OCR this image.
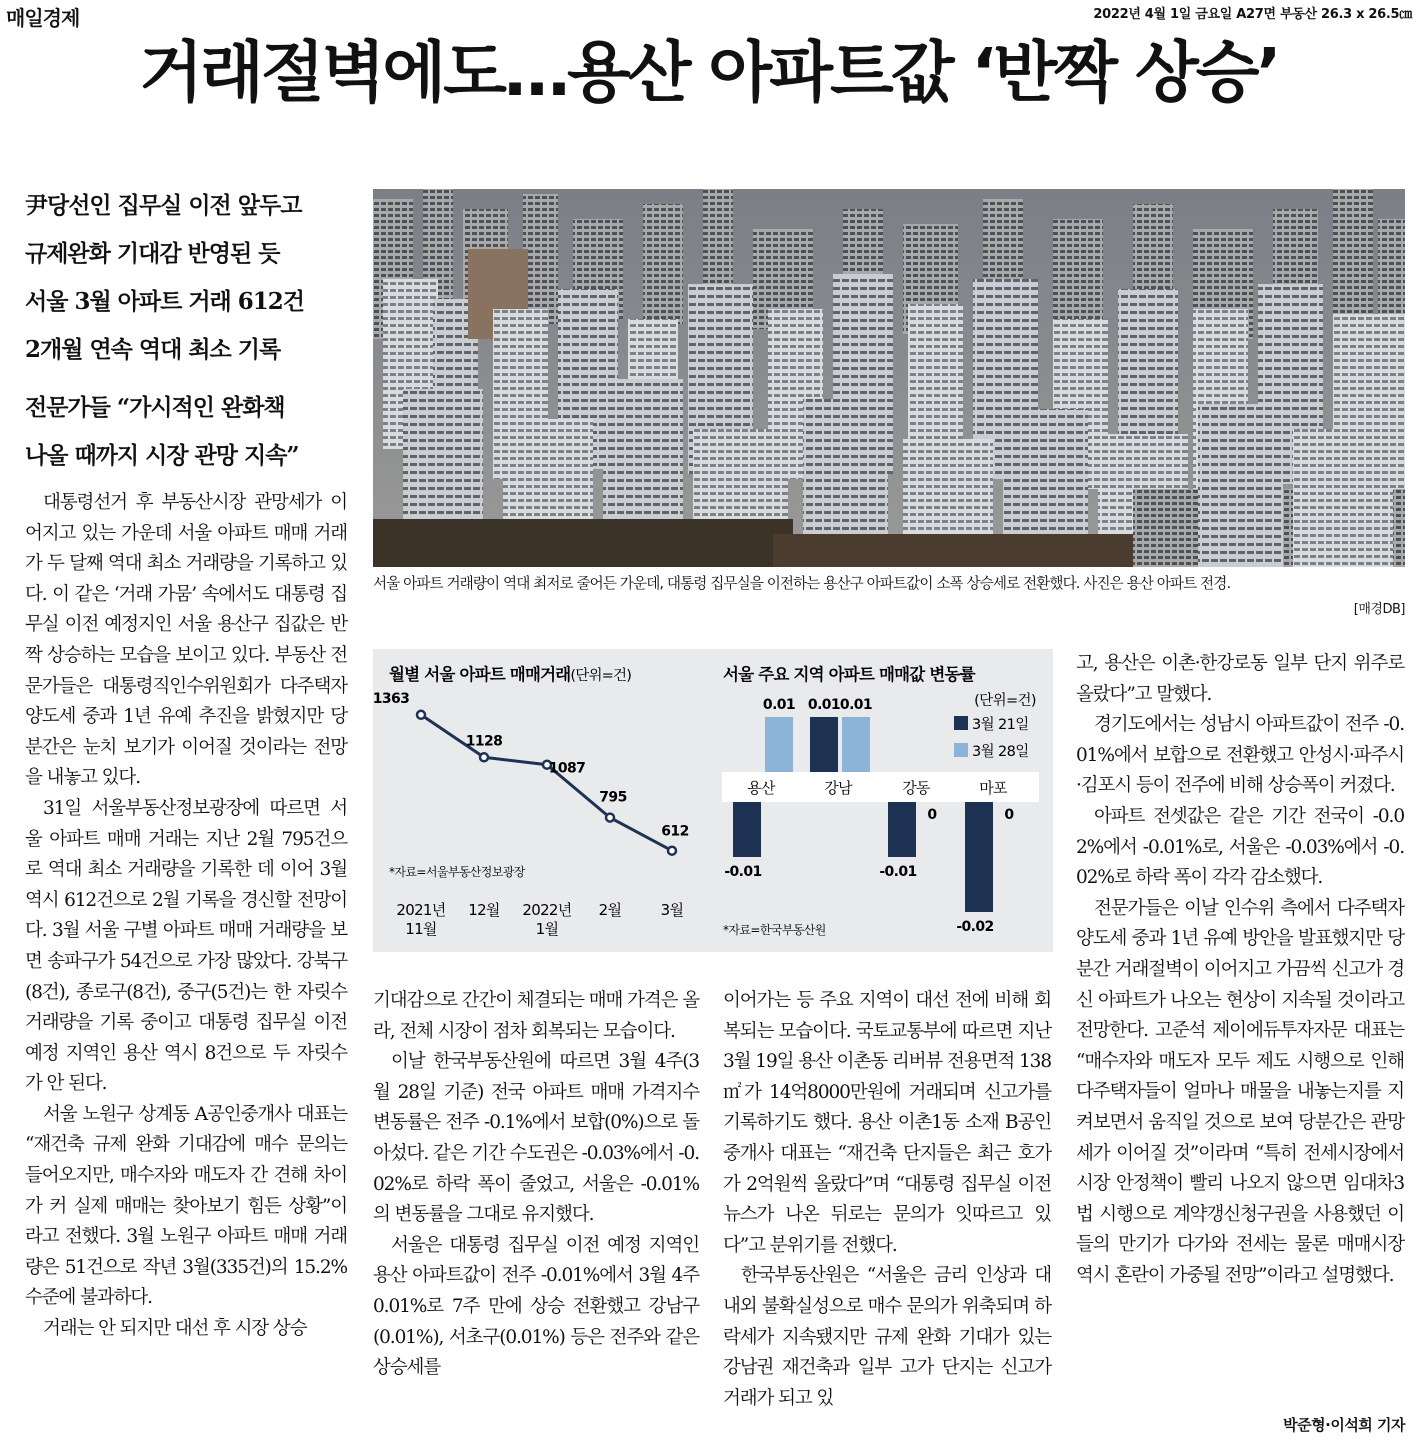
매일경제	2022년 4월 1일 금요일 A27면 부동산 26.3 x 26.5㎝
거래절벽에도…용산 아파트값 ‘반짝 상승’
尹당선인 집무실 이전 앞두고
규제완화 기대감 반영된 듯
서울 3월 아파트 거래 612건
2개월 연속 역대 최소 기록
전문가들 “가시적인 완화책
나올 때까지 시장 관망 지속”
서울 아파트 거래량이 역대 최저로 줄어든 가운데, 대통령 집무실을 이전하는 용산구 아파트값이 소폭 상승세로 전환했다. 사진은 용산 아파트 전경.
[매경DB]
월별 서울 아파트 매매거래(단위=건)
1363
2021년
11월
1128
12월
1087
2022년
1월
795
2월
612
3월
*자료=서울부동산정보광장
서울 주요 지역 아파트 매매값 변동률
(단위=건)
3월 21일
3월 28일
용산
-0.01
0.01
강남
0.01 0.01
강동
-0.01
0
마포
-0.02
0
*자료=한국부동산원

대통령선거 후 부동산시장 관망세가 이어지고 있는 가운데 서울 아파트 매매 거래가 두 달째 역대 최소 거래량을 기록하고 있다. 이 같은 ‘거래 가뭄’ 속에서도 대통령 집무실 이전 예정지인 서울 용산구 집값은 반짝 상승하는 모습을 보이고 있다. 부동산 전문가들은 대통령직인수위원회가 다주택자 양도세 중과 1년 유예 추진을 밝혔지만 당분간은 눈치 보기가 이어질 것이라는 전망을 내놓고 있다.

31일 서울부동산정보광장에 따르면 서울 아파트 매매 거래는 지난 2월 795건으로 역대 최소 거래량을 기록한 데 이어 3월 역시 612건으로 2월 기록을 경신할 전망이다. 3월 서울 구별 아파트 매매 거래량을 보면 송파구가 54건으로 가장 많았다. 강북구(8건), 종로구(8건), 중구(5건)는 한 자릿수 거래량을 기록 중이고 대통령 집무실 이전 예정 지역인 용산 역시 8건으로 두 자릿수가 안 된다.

서울 노원구 상계동 A공인중개사 대표는 “재건축 규제 완화 기대감에 매수 문의는 들어오지만, 매수자와 매도자 간 견해 차이가 커 실제 매매는 찾아보기 힘든 상황”이라고 전했다. 3월 노원구 아파트 매매 거래량은 51건으로 작년 3월(335건)의 15.2% 수준에 불과하다.

거래는 안 되지만 대선 후 시장 상승

기대감으로 간간이 체결되는 매매 가격은 올라, 전체 시장이 점차 회복되는 모습이다.

이날 한국부동산원에 따르면 3월 4주(3월 28일 기준) 전국 아파트 매매 가격지수 변동률은 전주 -0.1%에서 보합(0%)으로 돌아섰다. 같은 기간 수도권은 -0.03%에서 -0.02%로 하락 폭이 줄었고, 서울은 -0.01%의 변동률을 그대로 유지했다.

서울은 대통령 집무실 이전 예정 지역인 용산 아파트값이 전주 -0.01%에서 3월 4주 0.01%로 7주 만에 상승 전환했고 강남구(0.01%), 서초구(0.01%) 등은 전주와 같은 상승세를

이어가는 등 주요 지역이 대선 전에 비해 회복되는 모습이다. 국토교통부에 따르면 지난 3월 19일 용산 이촌동 리버뷰 전용면적 138㎡가 14억8000만원에 거래되며 신고가를 기록하기도 했다. 용산 이촌1동 소재 B공인중개사 대표는 “재건축 단지들은 최근 호가가 2억원씩 올랐다”며 “대통령 집무실 이전 뉴스가 나온 뒤로는 문의가 잇따르고 있다”고 분위기를 전했다.

한국부동산원은 “서울은 금리 인상과 대내외 불확실성으로 매수 문의가 위축되며 하락세가 지속됐지만 규제 완화 기대가 있는 강남권 재건축과 일부 고가 단지는 신고가 거래가 되고 있

고, 용산은 이촌·한강로동 일부 단지 위주로 올랐다”고 말했다.

경기도에서는 성남시 아파트값이 전주 -0.01%에서 보합으로 전환했고 안성시·파주시·김포시 등이 전주에 비해 상승폭이 커졌다.

아파트 전셋값은 같은 기간 전국이 -0.02%에서 -0.01%로, 서울은 -0.03%에서 -0.02%로 하락 폭이 각각 감소했다.

전문가들은 이날 인수위 측에서 다주택자 양도세 중과 1년 유예 방안을 발표했지만 당분간 거래절벽이 이어지고 가끔씩 신고가 경신 아파트가 나오는 현상이 지속될 것이라고 전망한다. 고준석 제이에듀투자자문 대표는 “매수자와 매도자 모두 제도 시행으로 인해 다주택자들이 얼마나 매물을 내놓는지를 지켜보면서 움직일 것으로 보여 당분간은 관망세가 이어질 것”이라며 “특히 전세시장에서 시장 안정책이 빨리 나오지 않으면 임대차3법 시행으로 계약갱신청구권을 사용했던 이들의 만기가 다가와 전세는 물론 매매시장 역시 혼란이 가중될 전망”이라고 설명했다.

박준형·이석희 기자
